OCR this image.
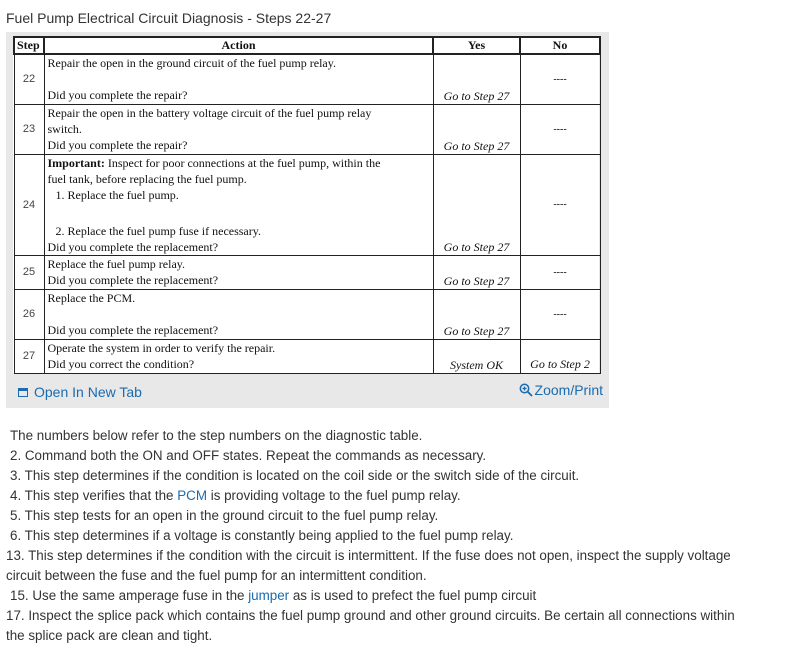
Fuel Pump Electrical Circuit Diagnosis - Steps 22-27
Step	Action	Yes	No
22	Repair the open in the ground circuit of the fuel pump relay.
Did you complete the repair?	Go to Step 27	----
23	Repair the open in the battery voltage circuit of the fuel pump relay
switch.
Did you complete the repair?	Go to Step 27	----
24	Important: Inspect for poor connections at the fuel pump, within the
fuel tank, before replacing the fuel pump.
1. Replace the fuel pump.
2. Replace the fuel pump fuse if necessary.
Did you complete the replacement?	Go to Step 27	----
25	Replace the fuel pump relay.
Did you complete the replacement?	Go to Step 27	----
26	Replace the PCM.
Did you complete the replacement?	Go to Step 27	----
27	Operate the system in order to verify the repair.
Did you correct the condition?	System OK	Go to Step 2
Open In New Tab	Zoom/Print

The numbers below refer to the step numbers on the diagnostic table.

2. Command both the ON and OFF states. Repeat the commands as necessary.

3. This step determines if the condition is located on the coil side or the switch side of the circuit.

4. This step verifies that the PCM is providing voltage to the fuel pump relay.

5. This step tests for an open in the ground circuit to the fuel pump relay.

6. This step determines if a voltage is constantly being applied to the fuel pump relay.

13. This step determines if the condition with the circuit is intermittent. If the fuse does not open, inspect the supply voltage
circuit between the fuse and the fuel pump for an intermittent condition.

15. Use the same amperage fuse in the jumper as is used to prefect the fuel pump circuit

17. Inspect the splice pack which contains the fuel pump ground and other ground circuits. Be certain all connections within
the splice pack are clean and tight.
